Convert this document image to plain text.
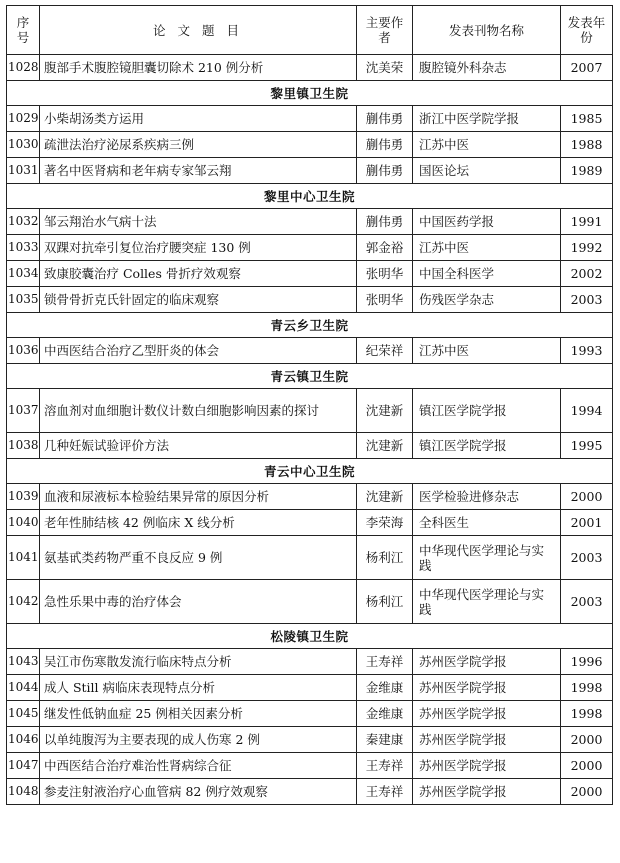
序号	论 文 题 目	主要作者	发表刊物名称	发表年份
1028	腹部手术腹腔镜胆囊切除术 210 例分析	沈美荣	腹腔镜外科杂志	2007
黎里镇卫生院				
1029	小柴胡汤类方运用	蒯伟勇	浙江中医学院学报	1985
1030	疏泄法治疗泌尿系疾病三例	蒯伟勇	江苏中医	1988
1031	著名中医肾病和老年病专家邹云翔	蒯伟勇	国医论坛	1989
黎里中心卫生院				
1032	邹云翔治水气病十法	蒯伟勇	中国医药学报	1991
1033	双踝对抗牵引复位治疗腰突症 130 例	郭金裕	江苏中医	1992
1034	致康胶囊治疗 Colles 骨折疗效观察	张明华	中国全科医学	2002
1035	锁骨骨折克氏针固定的临床观察	张明华	伤残医学杂志	2003
青云乡卫生院				
1036	中西医结合治疗乙型肝炎的体会	纪荣祥	江苏中医	1993
青云镇卫生院				
1037	溶血剂对血细胞计数仪计数白细胞影响因素的探讨	沈建新	镇江医学院学报	1994
1038	几种妊娠试验评价方法	沈建新	镇江医学院学报	1995
青云中心卫生院				
1039	血液和尿液标本检验结果异常的原因分析	沈建新	医学检验进修杂志	2000
1040	老年性肺结核 42 例临床 X 线分析	李荣海	全科医生	2001
1041	氨基甙类药物严重不良反应 9 例	杨利江	中华现代医学理论与实践	2003
1042	急性乐果中毒的治疗体会	杨利江	中华现代医学理论与实践	2003
松陵镇卫生院				
1043	吴江市伤寒散发流行临床特点分析	王寿祥	苏州医学院学报	1996
1044	成人 Still 病临床表现特点分析	金维康	苏州医学院学报	1998
1045	继发性低钠血症 25 例相关因素分析	金维康	苏州医学院学报	1998
1046	以单纯腹泻为主要表现的成人伤寒 2 例	秦建康	苏州医学院学报	2000
1047	中西医结合治疗难治性肾病综合征	王寿祥	苏州医学院学报	2000
1048	参麦注射液治疗心血管病 82 例疗效观察	王寿祥	苏州医学院学报	2000
